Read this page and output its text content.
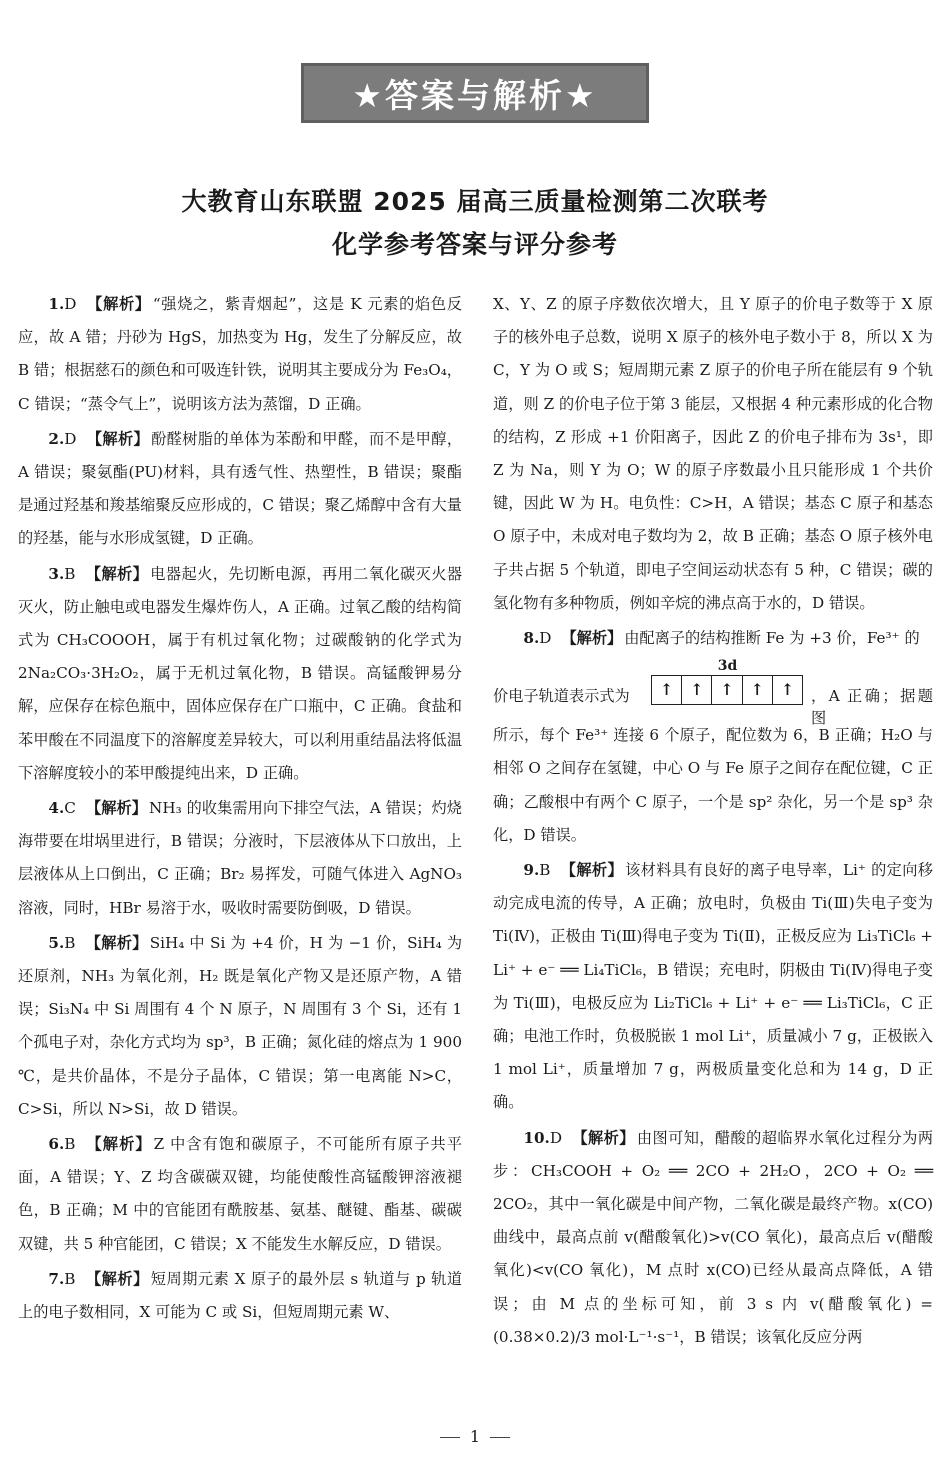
★答案与解析★
大教育山东联盟 2025 届高三质量检测第二次联考
化学参考答案与评分参考

1.D 【解析】 “强烧之，紫青烟起”，这是 K 元素的焰色反应，故 A 错；丹砂为 HgS，加热变为 Hg，发生了分解反应，故 B 错；根据慈石的颜色和可吸连针铁，说明其主要成分为 Fe₃O₄，C 错误；“蒸令气上”，说明该方法为蒸馏，D 正确。

2.D 【解析】 酚醛树脂的单体为苯酚和甲醛，而不是甲醇，A 错误；聚氨酯(PU)材料，具有透气性、热塑性，B 错误；聚酯是通过羟基和羧基缩聚反应形成的，C 错误；聚乙烯醇中含有大量的羟基，能与水形成氢键，D 正确。

3.B 【解析】 电器起火，先切断电源，再用二氧化碳灭火器灭火，防止触电或电器发生爆炸伤人，A 正确。过氧乙酸的结构简式为 CH₃COOOH，属于有机过氧化物；过碳酸钠的化学式为 2Na₂CO₃·3H₂O₂，属于无机过氧化物，B 错误。高锰酸钾易分解，应保存在棕色瓶中，固体应保存在广口瓶中，C 正确。食盐和苯甲酸在不同温度下的溶解度差异较大，可以利用重结晶法将低温下溶解度较小的苯甲酸提纯出来，D 正确。

4.C 【解析】 NH₃ 的收集需用向下排空气法，A 错误；灼烧海带要在坩埚里进行，B 错误；分液时，下层液体从下口放出，上层液体从上口倒出，C 正确；Br₂ 易挥发，可随气体进入 AgNO₃ 溶液，同时，HBr 易溶于水，吸收时需要防倒吸，D 错误。

5.B 【解析】 SiH₄ 中 Si 为 +4 价，H 为 −1 价，SiH₄ 为还原剂，NH₃ 为氧化剂，H₂ 既是氧化产物又是还原产物，A 错误；Si₃N₄ 中 Si 周围有 4 个 N 原子，N 周围有 3 个 Si，还有 1 个孤电子对，杂化方式均为 sp³，B 正确；氮化硅的熔点为 1 900 ℃，是共价晶体，不是分子晶体，C 错误；第一电离能 N>C，C>Si，所以 N>Si，故 D 错误。

6.B 【解析】 Z 中含有饱和碳原子，不可能所有原子共平面，A 错误；Y、Z 均含碳碳双键，均能使酸性高锰酸钾溶液褪色，B 正确；M 中的官能团有酰胺基、氨基、醚键、酯基、碳碳双键，共 5 种官能团，C 错误；X 不能发生水解反应，D 错误。

7.B 【解析】 短周期元素 X 原子的最外层 s 轨道与 p 轨道上的电子数相同，X 可能为 C 或 Si，但短周期元素 W、

X、Y、Z 的原子序数依次增大，且 Y 原子的价电子数等于 X 原子的核外电子总数，说明 X 原子的核外电子数小于 8，所以 X 为 C，Y 为 O 或 S；短周期元素 Z 原子的价电子所在能层有 9 个轨道，则 Z 的价电子位于第 3 能层，又根据 4 种元素形成的化合物的结构，Z 形成 +1 价阳离子，因此 Z 的价电子排布为 3s¹，即 Z 为 Na，则 Y 为 O；W 的原子序数最小且只能形成 1 个共价键，因此 W 为 H。电负性：C>H，A 错误；基态 C 原子和基态 O 原子中，未成对电子数均为 2，故 B 正确；基态 O 原子核外电子共占据 5 个轨道，即电子空间运动状态有 5 种，C 错误；碳的氢化物有多种物质，例如辛烷的沸点高于水的，D 错误。

8.D 【解析】 由配离子的结构推断 Fe 为 +3 价，Fe³⁺ 的

价电子轨道表示式为
3d
↑	↑	↑	↑	↑	，A 正确；据题图

所示，每个 Fe³⁺ 连接 6 个原子，配位数为 6，B 正确；H₂O 与相邻 O 之间存在氢键，中心 O 与 Fe 原子之间存在配位键，C 正确；乙酸根中有两个 C 原子，一个是 sp² 杂化，另一个是 sp³ 杂化，D 错误。

9.B 【解析】 该材料具有良好的离子电导率，Li⁺ 的定向移动完成电流的传导，A 正确；放电时，负极由 Ti(Ⅲ)失电子变为 Ti(Ⅳ)，正极由 Ti(Ⅲ)得电子变为 Ti(Ⅱ)，正极反应为 Li₃TiCl₆ + Li⁺ + e⁻ ══ Li₄TiCl₆，B 错误；充电时，阴极由 Ti(Ⅳ)得电子变为 Ti(Ⅲ)，电极反应为 Li₂TiCl₆ + Li⁺ + e⁻ ══ Li₃TiCl₆，C 正确；电池工作时，负极脱嵌 1 mol Li⁺，质量减小 7 g，正极嵌入 1 mol Li⁺，质量增加 7 g，两极质量变化总和为 14 g，D 正确。

10.D 【解析】 由图可知，醋酸的超临界水氧化过程分为两步：CH₃COOH + O₂ ══ 2CO + 2H₂O，2CO + O₂ ══ 2CO₂，其中一氧化碳是中间产物，二氧化碳是最终产物。x(CO)曲线中，最高点前 v(醋酸氧化)>v(CO 氧化)，最高点后 v(醋酸氧化)<v(CO 氧化)，M 点时 x(CO)已经从最高点降低，A 错误；由 M 点的坐标可知，前 3 s 内 v(醋酸氧化) = (0.38×0.2)/3 mol·L⁻¹·s⁻¹，B 错误；该氧化反应分两

1
